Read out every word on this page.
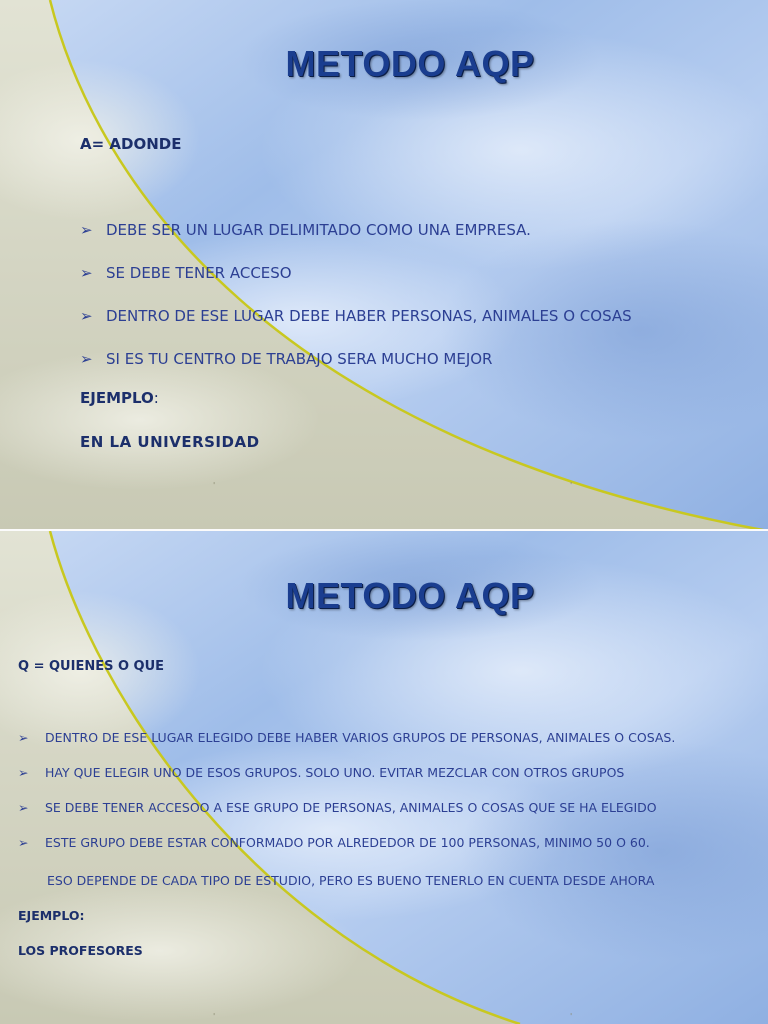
METODO AQP

A= ADONDE

➢ DEBE SER UN LUGAR DELIMITADO COMO UNA EMPRESA.
➢ SE DEBE TENER ACCESO
➢ DENTRO DE ESE LUGAR DEBE HABER PERSONAS, ANIMALES O COSAS
➢ SI ES TU CENTRO DE TRABAJO SERA MUCHO MEJOR

EJEMPLO:

EN LA UNIVERSIDAD

'	'
METODO AQP

Q = QUIENES O QUE

➢ DENTRO DE ESE LUGAR ELEGIDO DEBE HABER VARIOS GRUPOS DE PERSONAS, ANIMALES O COSAS.
➢ HAY QUE ELEGIR UNO DE ESOS GRUPOS. SOLO UNO. EVITAR MEZCLAR CON OTROS GRUPOS
➢ SE DEBE TENER ACCESOO A ESE GRUPO DE PERSONAS, ANIMALES O COSAS QUE SE HA ELEGIDO
➢ ESTE GRUPO DEBE ESTAR CONFORMADO POR ALREDEDOR DE 100 PERSONAS, MINIMO 50 O 60.

ESO DEPENDE DE CADA TIPO DE ESTUDIO, PERO ES BUENO TENERLO EN CUENTA DESDE AHORA

EJEMPLO:

LOS PROFESORES

'	'
